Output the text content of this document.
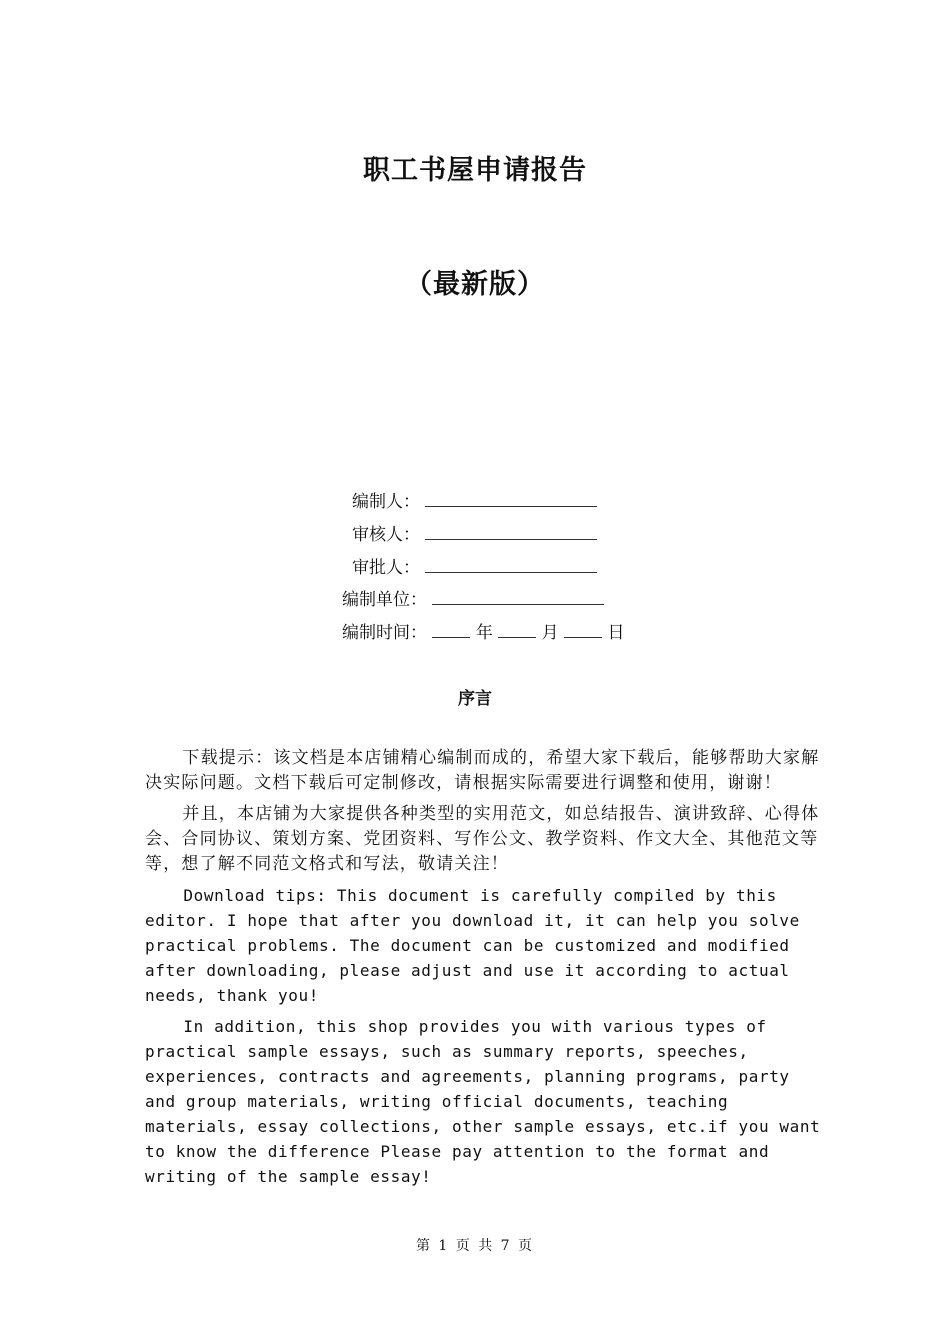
职工书屋申请报告
（最新版）
编制人：
审核人：
审批人：
编制单位：
编制时间：	年	月	日
序言

下载提示：该文档是本店铺精心编制而成的，希望大家下载后，能够帮助大家解决实际问题。文档下载后可定制修改，请根据实际需要进行调整和使用，谢谢！

并且，本店铺为大家提供各种类型的实用范文，如总结报告、演讲致辞、心得体会、合同协议、策划方案、党团资料、写作公文、教学资料、作文大全、其他范文等等，想了解不同范文格式和写法，敬请关注！

Download tips: This document is carefully compiled by this editor. I hope that after you download it, it can help you solve practical problems. The document can be customized and modified after downloading, please adjust and use it according to actual needs, thank you!

In addition, this shop provides you with various types of practical sample essays, such as summary reports, speeches, experiences, contracts and agreements, planning programs, party and group materials, writing official documents, teaching materials, essay collections, other sample essays, etc.if you want to know the difference Please pay attention to the format and writing of the sample essay!

第 1 页 共 7 页
